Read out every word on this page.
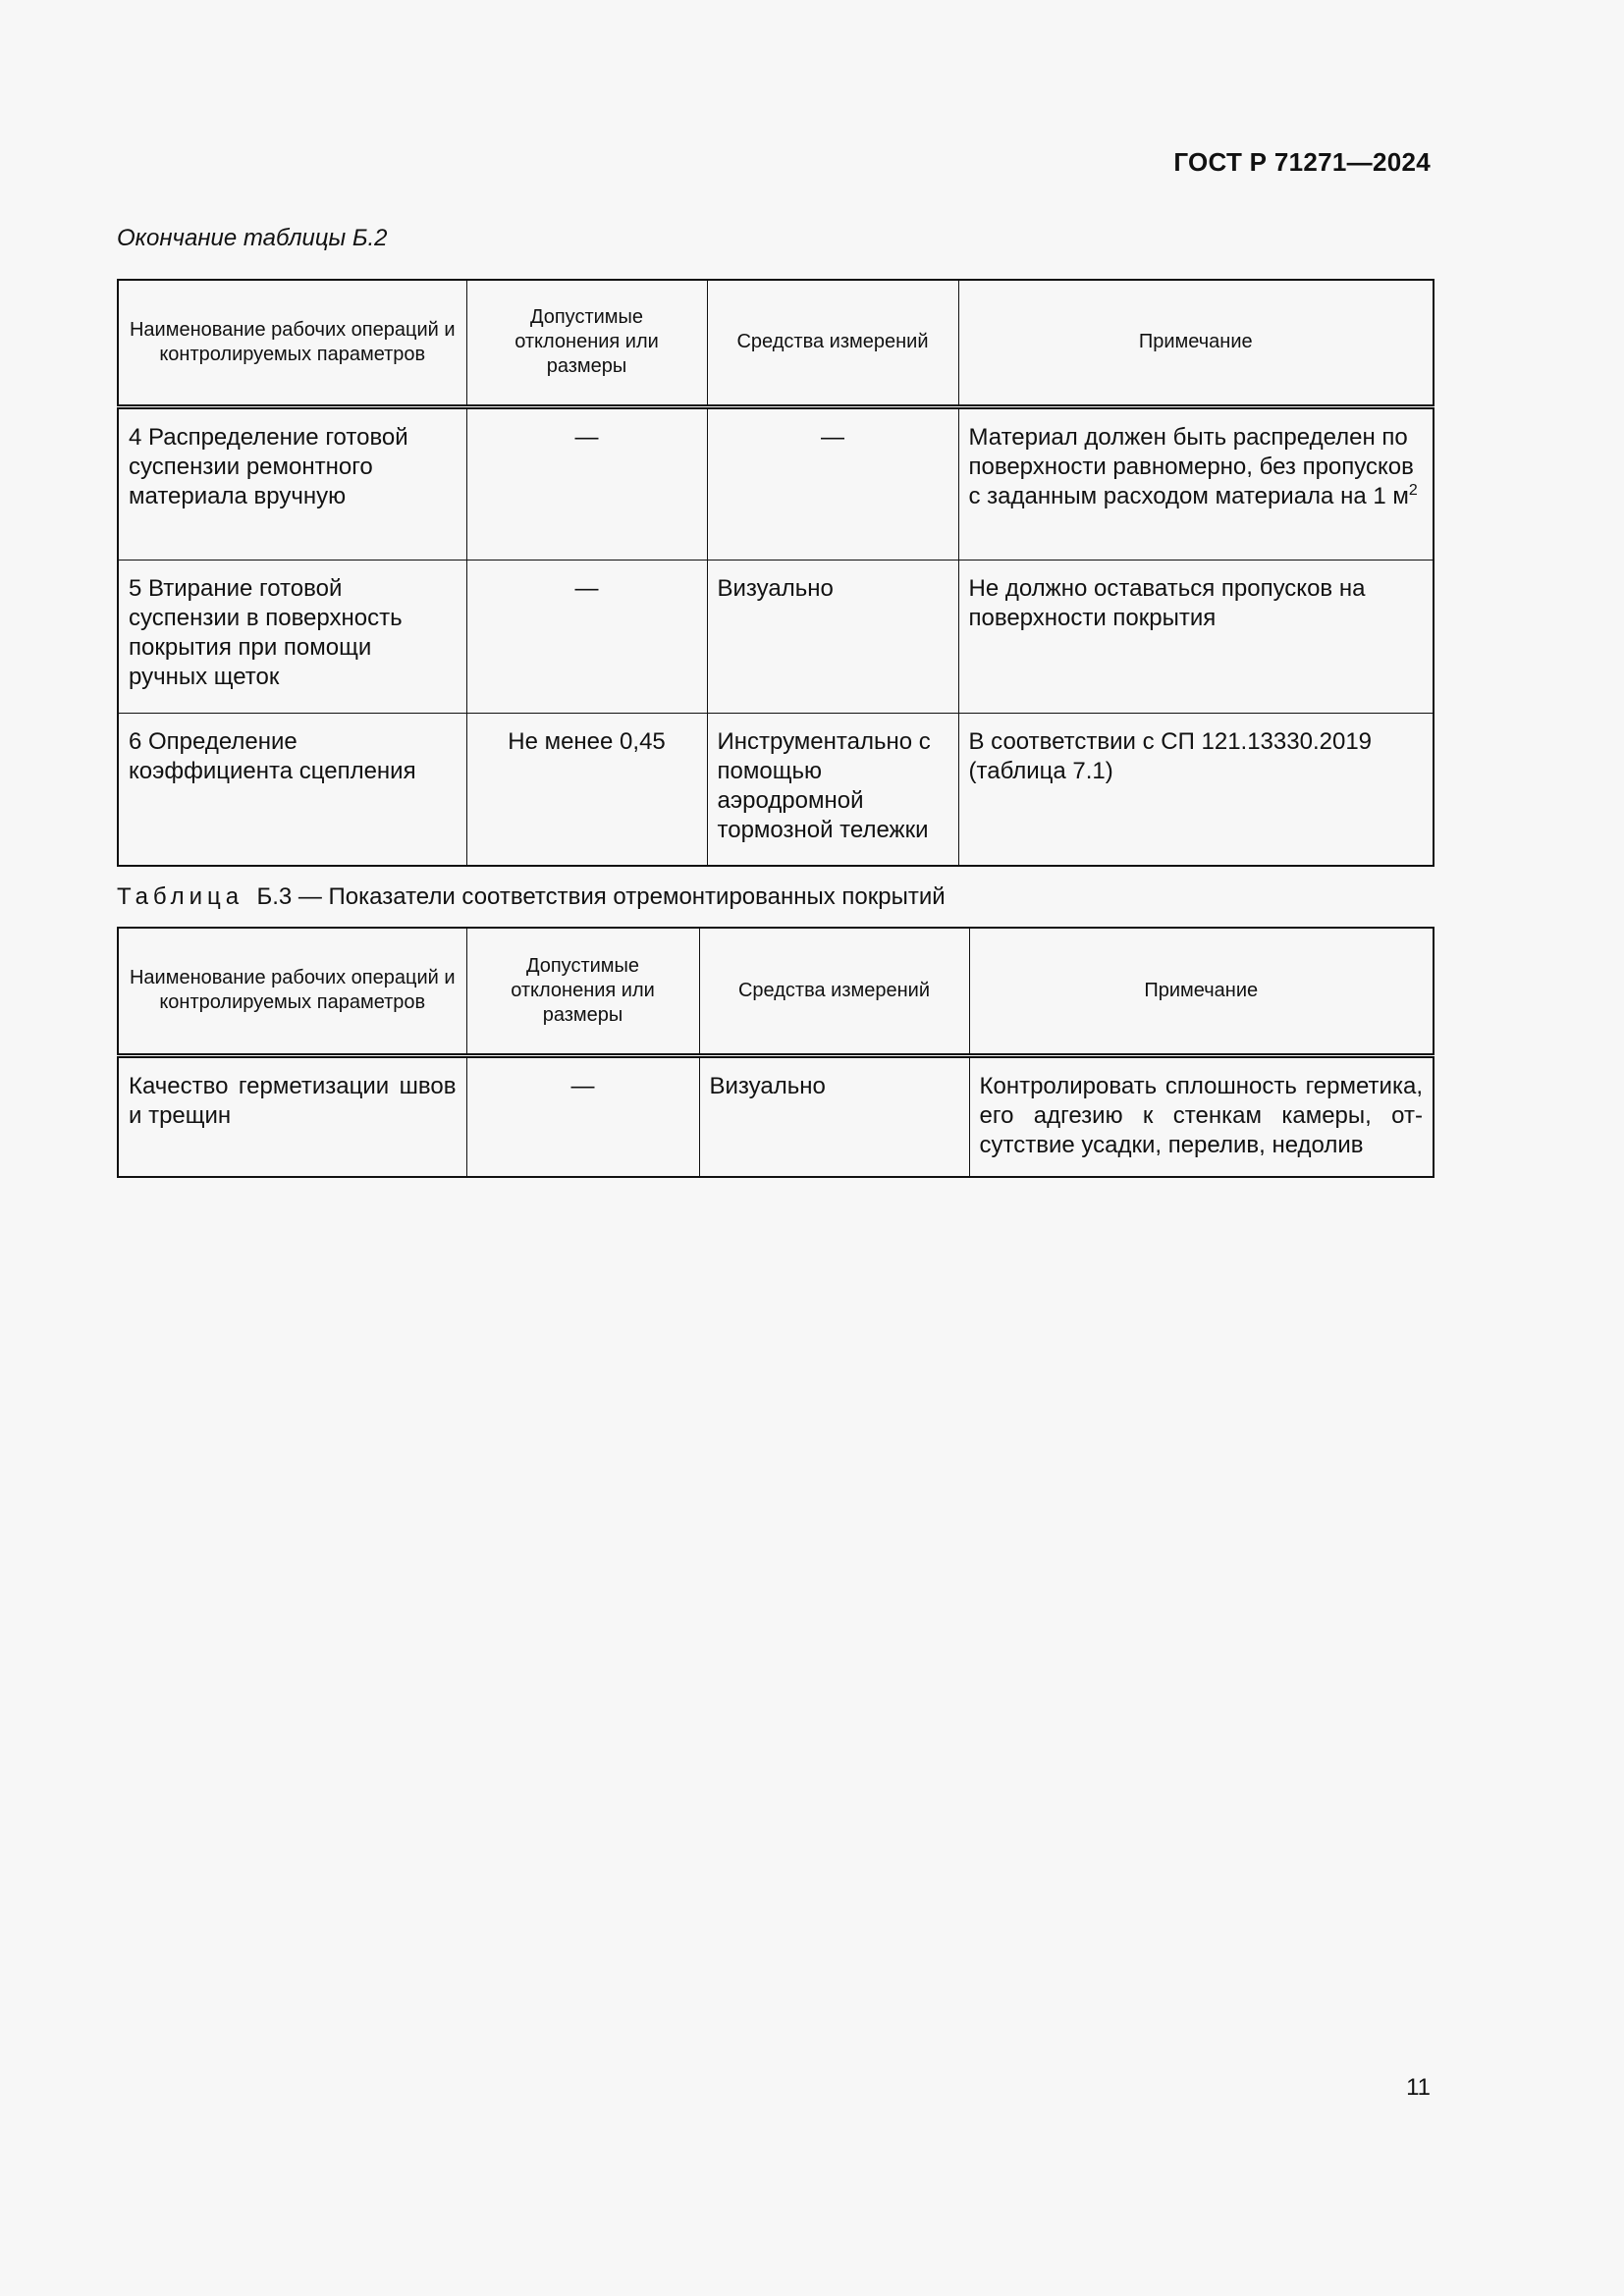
ГОСТ Р 71271—2024
Окончание таблицы Б.2
Наименование рабочих операций и контролируемых параметров	Допустимые отклонения или размеры	Средства измерений	Примечание
4 Распределение готовой суспензии ремонтного материала вручную	—	—	Материал должен быть распределен по поверхности равномерно, без пропусков с заданным расходом материала на 1 $м^2$
5 Втирание готовой суспензии в поверхность покрытия при помощи ручных щеток	—	Визуально	Не должно оставаться пропусков на поверхности покрытия
6 Определение коэффициента сцепления	Не менее 0,45	Инструментально с помощью аэродромной тормозной тележки	В соответствии с СП 121.13330.2019 (таблица 7.1)
Таблица Б.3 — Показатели соответствия отремонтированных покрытий
Наименование рабочих операций и контролируемых параметров	Допустимые отклонения или размеры	Средства измерений	Примечание
Качество герметизации швов и трещин	—	Визуально	Контролировать сплошность герметика, его адгезию к стенкам камеры, отсутствие усадки, перелив, недолив
11
